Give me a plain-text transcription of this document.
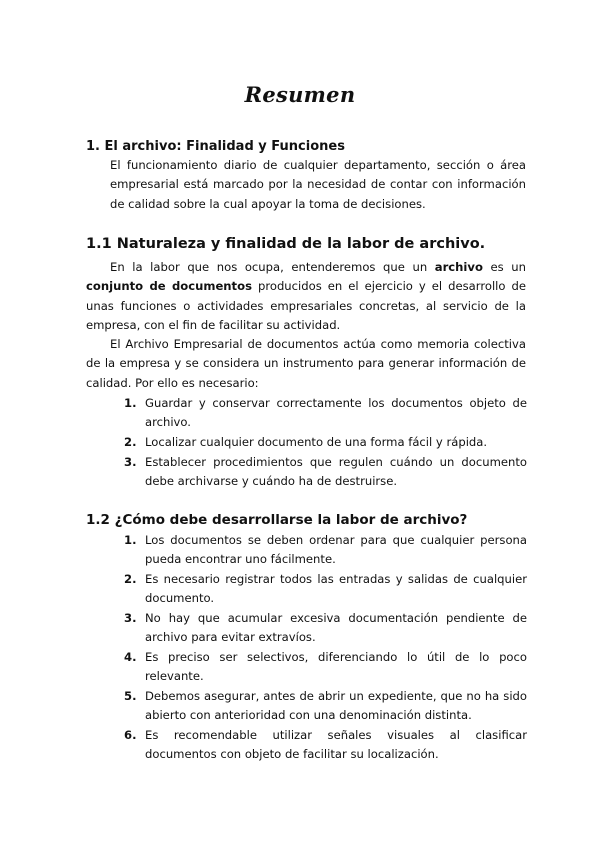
Resumen
1. El archivo: Finalidad y Funciones
El funcionamiento diario de cualquier departamento, sección o área empresarial está marcado por la necesidad de contar con información de calidad sobre la cual apoyar la toma de decisiones.
1.1 Naturaleza y finalidad de la labor de archivo.
En la labor que nos ocupa, entenderemos que un archivo es un conjunto de documentos producidos en el ejercicio y el desarrollo de unas funciones o actividades empresariales concretas, al servicio de la empresa, con el fin de facilitar su actividad.
El Archivo Empresarial de documentos actúa como memoria colectiva de la empresa y se considera un instrumento para generar información de calidad. Por ello es necesario:
1. Guardar y conservar correctamente los documentos objeto de archivo.
2. Localizar cualquier documento de una forma fácil y rápida.
3. Establecer procedimientos que regulen cuándo un documento debe archivarse y cuándo ha de destruirse.
1.2 ¿Cómo debe desarrollarse la labor de archivo?
1. Los documentos se deben ordenar para que cualquier persona pueda encontrar uno fácilmente.
2. Es necesario registrar todos las entradas y salidas de cualquier documento.
3. No hay que acumular excesiva documentación pendiente de archivo para evitar extravíos.
4. Es preciso ser selectivos, diferenciando lo útil de lo poco relevante.
5. Debemos asegurar, antes de abrir un expediente, que no ha sido abierto con anterioridad con una denominación distinta.
6. Es recomendable utilizar señales visuales al clasificar documentos con objeto de facilitar su localización.
